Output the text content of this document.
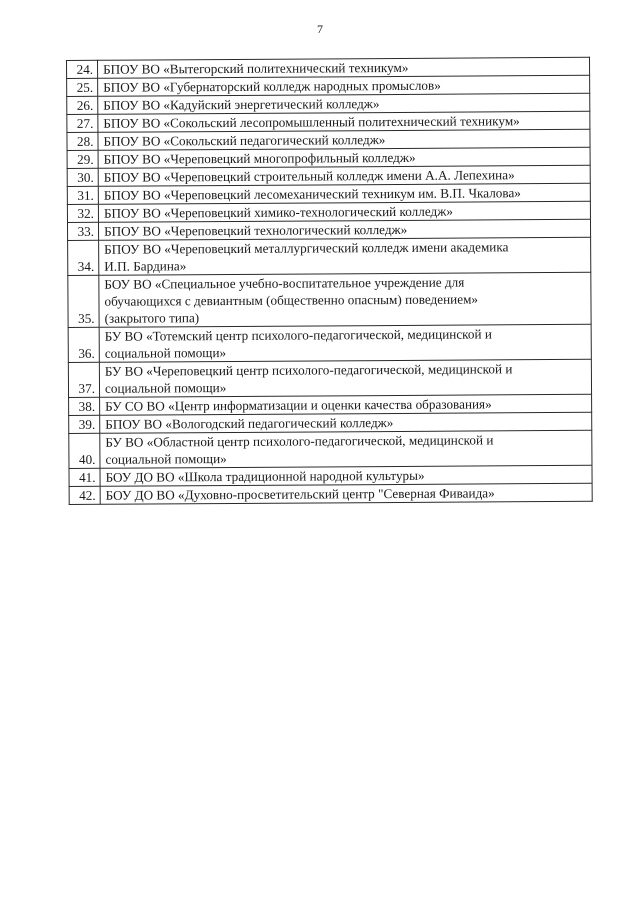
7
24.	БПОУ ВО «Вытегорский политехнический техникум»

25.	БПОУ ВО «Губернаторский колледж народных промыслов»

26.	БПОУ ВО «Кадуйский энергетический колледж»

27.	БПОУ ВО «Сокольский лесопромышленный политехнический техникум»

28.	БПОУ ВО «Сокольский педагогический колледж»

29.	БПОУ ВО «Череповецкий многопрофильный колледж»

30.	БПОУ ВО «Череповецкий строительный колледж имени А.А. Лепехина»

31.	БПОУ ВО «Череповецкий лесомеханический техникум им. В.П. Чкалова»

32.	БПОУ ВО «Череповецкий химико-технологический колледж»

33.	БПОУ ВО «Череповецкий технологический колледж»

34.	БПОУ ВО «Череповецкий металлургический колледж имени академика
И.П. Бардина»

35.	БОУ ВО «Специальное учебно-воспитательное учреждение для
обучающихся с девиантным (общественно опасным) поведением»
(закрытого типа)

36.	БУ ВО «Тотемский центр психолого-педагогической, медицинской и
социальной помощи»

37.	БУ ВО «Череповецкий центр психолого-педагогической, медицинской и
социальной помощи»

38.	БУ СО ВО «Центр информатизации и оценки качества образования»

39.	БПОУ ВО «Вологодский педагогический колледж»

40.	БУ ВО «Областной центр психолого-педагогической, медицинской и
социальной помощи»

41.	БОУ ДО ВО «Школа традиционной народной культуры»

42.	БОУ ДО ВО «Духовно-просветительский центр "Северная Фиваида»
